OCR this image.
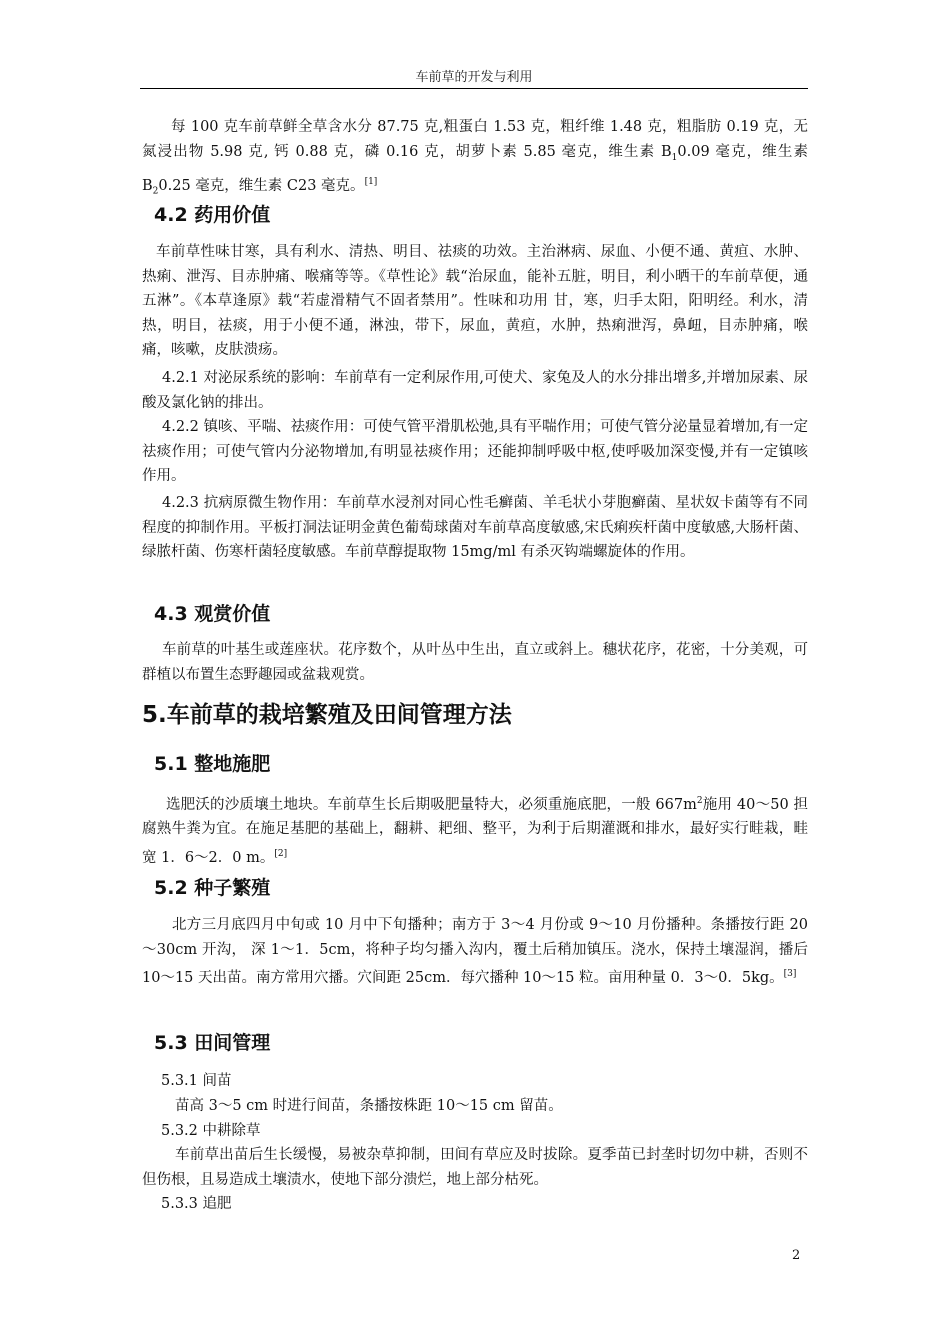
车前草的开发与利用

每 100 克车前草鲜全草含水分 87.75 克,粗蛋白 1.53 克，粗纤维 1.48 克，粗脂肪 0.19 克，无氮浸出物 5.98 克, 钙 0.88 克，磷 0.16 克，胡萝卜素 5.85 毫克，维生素 $B_10.09$ 毫克，维生素 $B_20.25$ 毫克，维生素 C23 毫克。[1]

4.2 药用价值

车前草性味甘寒，具有利水、清热、明目、祛痰的功效。主治淋病、尿血、小便不通、黄疸、水肿、热痢、泄泻、目赤肿痛、喉痛等等。《草性论》载“治尿血，能补五脏，明目，利小晒干的车前草便，通五淋”。《本草逢原》载“若虚滑精气不固者禁用”。性味和功用 甘，寒，归手太阳，阳明经。利水，清热，明目，祛痰，用于小便不通，淋浊，带下，尿血，黄疸，水肿，热痢泄泻，鼻衄，目赤肿痛，喉痛，咳嗽，皮肤溃疡。

4.2.1 对泌尿系统的影响：车前草有一定利尿作用,可使犬、家兔及人的水分排出增多,并增加尿素、尿酸及氯化钠的排出。

4.2.2 镇咳、平喘、祛痰作用：可使气管平滑肌松弛,具有平喘作用；可使气管分泌量显着增加,有一定祛痰作用；可使气管内分泌物增加,有明显祛痰作用；还能抑制呼吸中枢,使呼吸加深变慢,并有一定镇咳作用。

4.2.3 抗病原微生物作用：车前草水浸剂对同心性毛癣菌、羊毛状小芽胞癣菌、星状奴卡菌等有不同程度的抑制作用。平板打洞法证明金黄色葡萄球菌对车前草高度敏感,宋氏痢疾杆菌中度敏感,大肠杆菌、绿脓杆菌、伤寒杆菌轻度敏感。车前草醇提取物 15mg/ml 有杀灭钩端螺旋体的作用。

4.3 观赏价值

车前草的叶基生或莲座状。花序数个，从叶丛中生出，直立或斜上。穗状花序，花密，十分美观，可群植以布置生态野趣园或盆栽观赏。

5.车前草的栽培繁殖及田间管理方法
5.1 整地施肥

选肥沃的沙质壤土地块。车前草生长后期吸肥量特大，必须重施底肥，一般 $667m^2$施用 40～50 担腐熟牛粪为宜。在施足基肥的基础上，翻耕、耙细、整平，为利于后期灌溉和排水，最好实行畦栽，畦宽 1．6～2．0 m。[2]

5.2 种子繁殖

北方三月底四月中旬或 10 月中下旬播种；南方于 3～4 月份或 9～10 月份播种。条播按行距 20～30cm 开沟， 深 1～1．5cm，将种子均匀播入沟内，覆土后稍加镇压。浇水，保持土壤湿润，播后 10～15 天出苗。南方常用穴播。穴间距 25cm．每穴播种 10～15 粒。亩用种量 0．3～0．5kg。[3]

5.3 田间管理

5.3.1 间苗

苗高 3～5 cm 时进行间苗，条播按株距 10～15 cm 留苗。

5.3.2 中耕除草

车前草出苗后生长缓慢，易被杂草抑制，田间有草应及时拔除。夏季苗已封垄时切勿中耕，否则不但伤根，且易造成土壤渍水，使地下部分溃烂，地上部分枯死。

5.3.3 追肥

2
